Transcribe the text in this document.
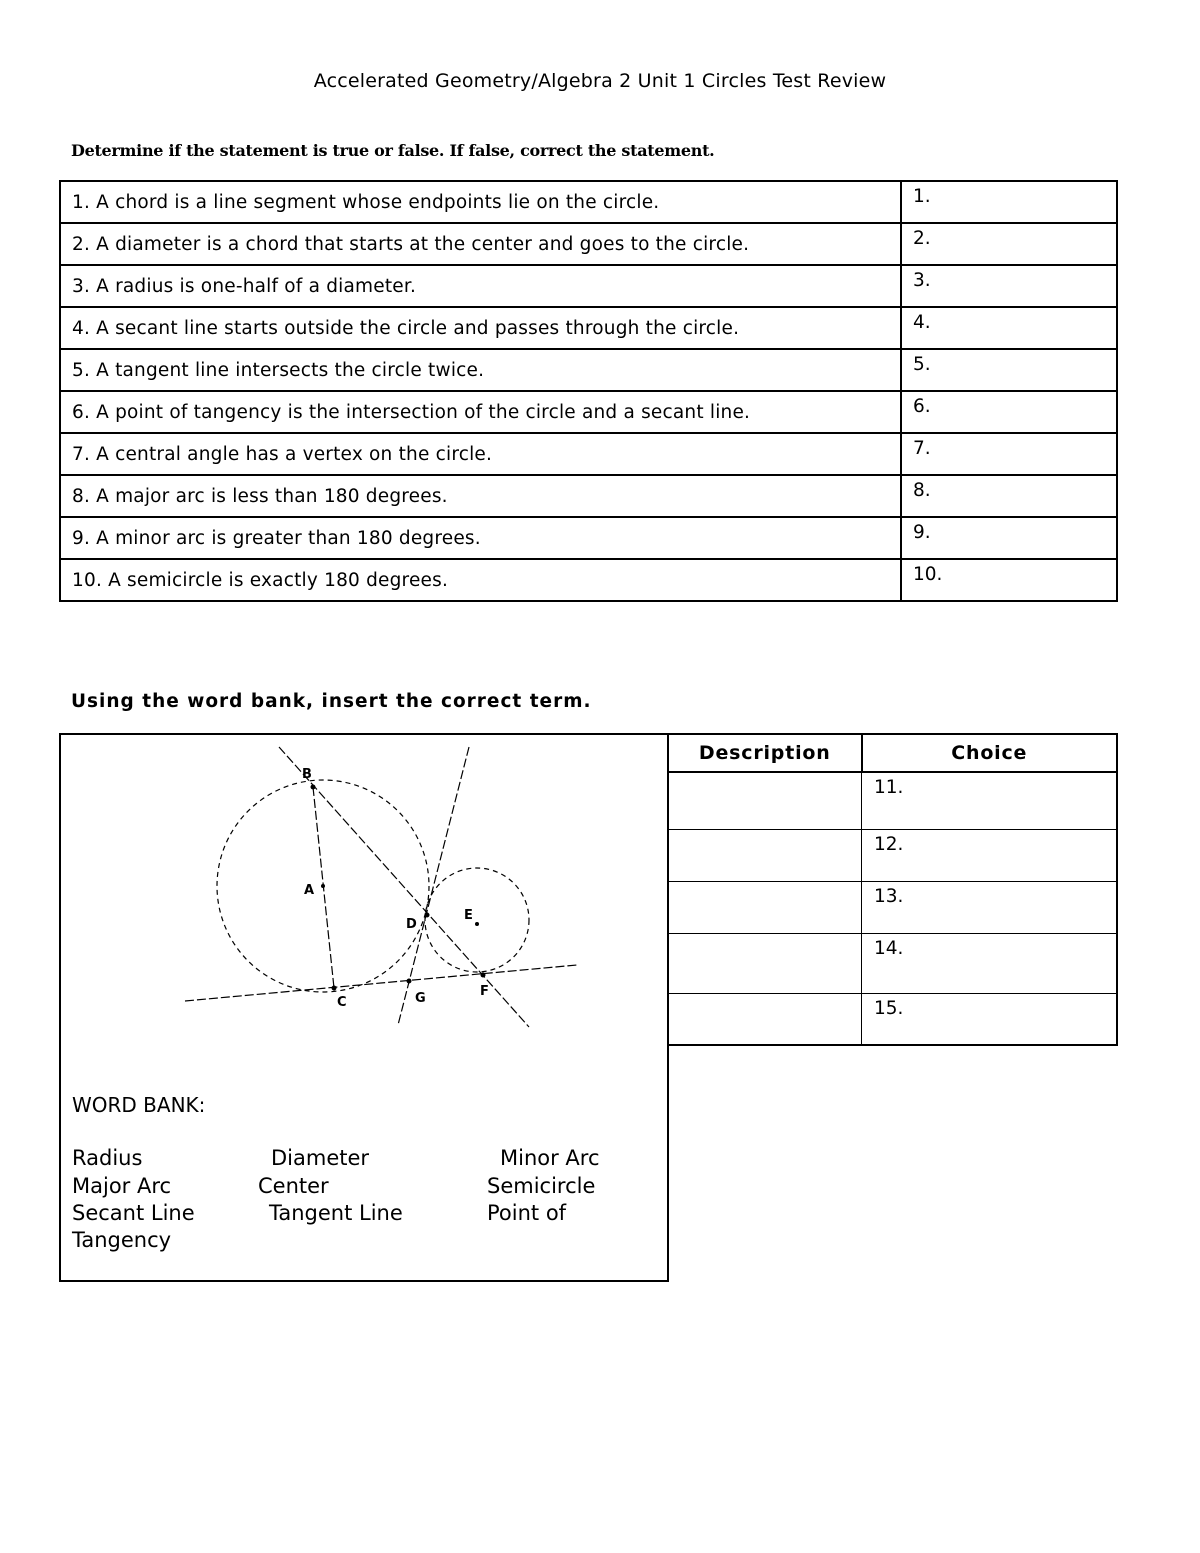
Accelerated Geometry/Algebra 2 Unit 1 Circles Test Review
Determine if the statement is true or false. If false, correct the statement.
1. A chord is a line segment whose endpoints lie on the circle.	1.
2. A diameter is a chord that starts at the center and goes to the circle.	2.
3. A radius is one-half of a diameter.	3.
4. A secant line starts outside the circle and passes through the circle.	4.
5. A tangent line intersects the circle twice.	5.
6. A point of tangency is the intersection of the circle and a secant line.	6.
7. A central angle has a vertex on the circle.	7.
8. A major arc is less than 180 degrees.	8.
9. A minor arc is greater than 180 degrees.	9.
10. A semicircle is exactly 180 degrees.	10.
Using the word bank, insert the correct term.
B
A
D
E
C	G	F
WORD BANK:
Radius	Diameter	Minor Arc
Major Arc	Center	Semicircle
Secant Line	Tangent Line	Point of
Tangency
Description	Choice
	11.
	12.
	13.
	14.
	15.
